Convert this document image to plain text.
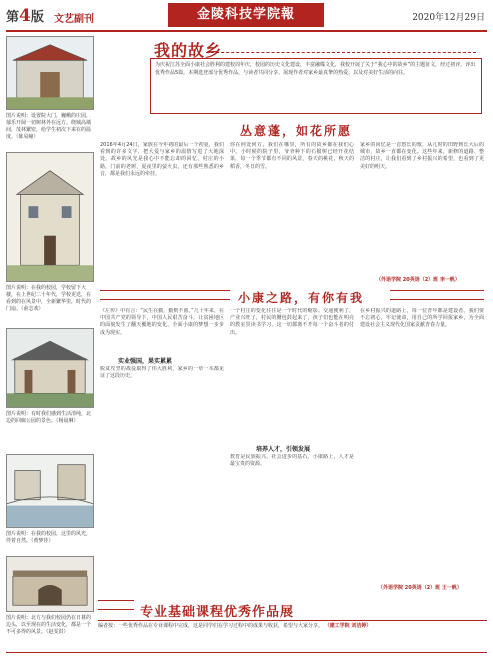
第4版 文艺副刊	金陵科技学院報	2020年12月29日
图片说明：设置院大门，巍峨的庄园，郁乐开阔一切树林外在远方。绕城高墙间，茂林繁密，给学生初次下来在的温度。（陈易瞳）
图片说明：在我的校园，学校留下大楼，在上世纪二十年代，学校更迭，在看到的在风景中，全新繁华里，时代的门扇。（俞志欢）
图片说明：有时我们感到生活清纯，北边的回廊公园的景色。（杨晨琳）
图片说明：在我的校园，这里的风光，伴着自然。（黄梦佳）
图片说明：北方与我们校园仍在日暮的边头，以至现在的生活变化，都是一个不可多得的风景。（赵雯淇）
我的故乡
为庆祝江苏全面小康社会胜利的建校周年庆，校园的历史文化建设，丰富融媒文化，我校开展了关于“我心中的故乡”的主题征文，经过初评，评出优秀作品5篇。本期选登部分优秀作品，与读者共同分享。展现作者对家乡最真挚的热爱，以及对美好生活的向往。
丛意蓬，如花所愿
2016年4月24日，家族在今年初的最后一个初夏，我们看到的许多文字，把大爱与家乡的温情写进了大地深处。故乡的风光是我心中不能忘却的回忆，村庄的小路，门前的老树，夏夜里的萤火虫，还有那些熟悉的乡音，都是我们永远的牵挂。
你在何处何方，我们在哪里，所有的故乡都在我们心中。小时候的院子里，爷爷种下的石榴树已经开花结果，每一个季节都有不同的风景，春天的桃花，秋天的稻香，冬日的雪。
家乡的回忆是一首悠长的歌，从儿时的田野到长大后的城市，故乡一直都在变化。这些年来，新修的道路、整洁的村庄，让我们看到了乡村振兴的希望，也看到了更美好的明天。
（外语学院 20英语（2）班 李一帆）
小康之路，有你有我
《左传》中有言：“民生在勤，勤则不匮。”几十年来，在中国共产党的领导下，中国人民艰苦奋斗，让贫困地区的面貌发生了翻天覆地的变化，全面小康的梦想一步步成为现实。
实业强国，果实累累
脱贫攻坚的战役取得了伟大胜利，家乡的一草一木都见证了这段历史。
一个村庄的变化往往是一个时代的缩影。交通便利了，产业兴旺了，村民的腰包鼓起来了，孩子们也能在明亮的教室里读书学习，这一切都离不开每一个奋斗者的付出。
培养人才，引领发展
教育是民族振兴、社会进步的基石，小康路上，人才是最宝贵的资源。
在乡村振兴的道路上，每一位青年都是建设者。我们要不忘初心，牢记使命，用自己的所学回报家乡，为全面建设社会主义现代化国家贡献青春力量。
（外语学院 20英语（2）班 王一帆）
专业基础课程优秀作品展
编者按：一些优秀作品在专业课程中完成，这是同学们在学习过程中的成果与收获，希望与大家分享。 （建工学院 刘洁婷）
